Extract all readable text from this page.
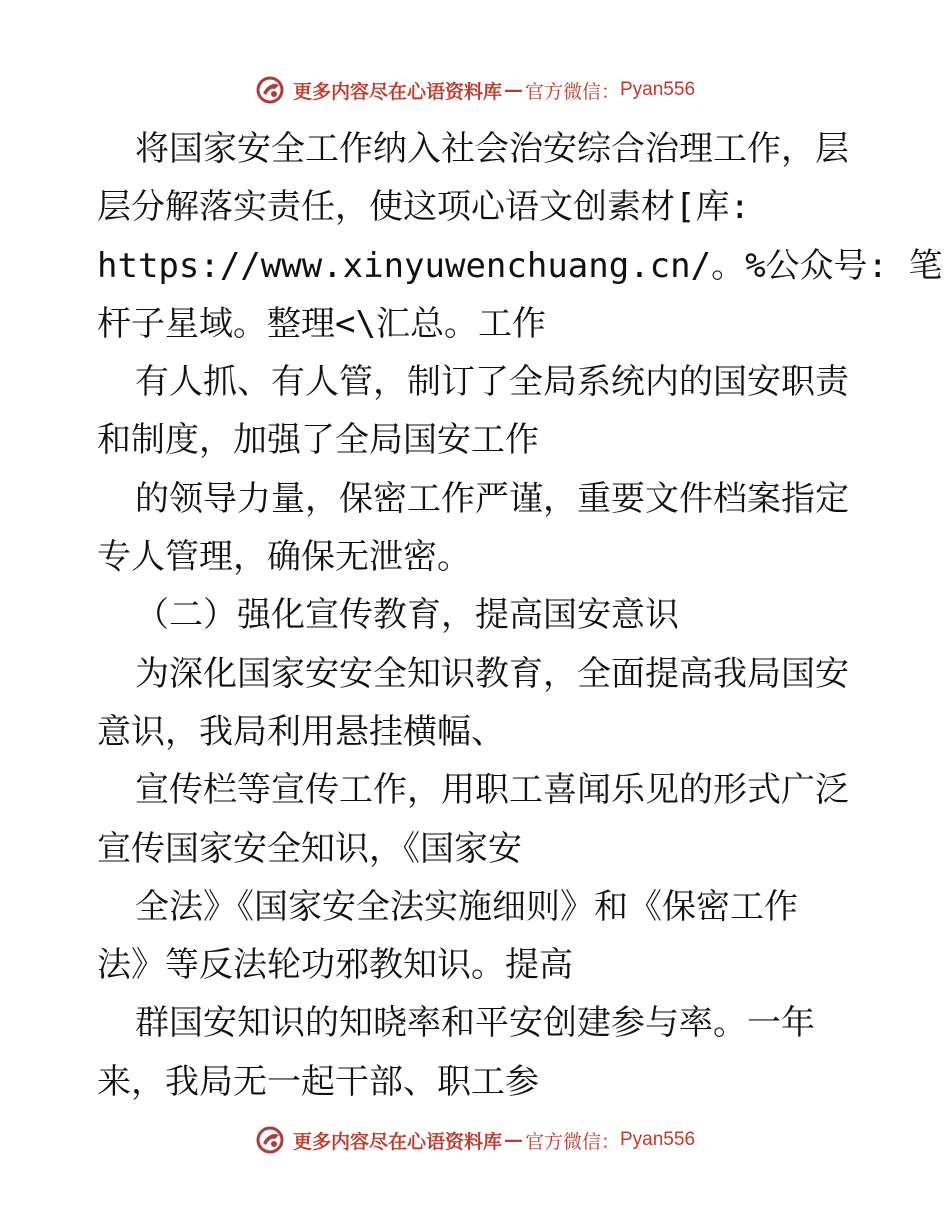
更多内容尽在心语资料库 — 官方微信： Pyan556
将国家安全工作纳入社会治安综合治理工作，层
层分解落实责任，使这项心语文创素材[库:
https://www.xinyuwenchuang.cn/。%公众号: 笔
杆子星域。整理<\汇总。工作
有人抓、有人管，制订了全局系统内的国安职责
和制度，加强了全局国安工作
的领导力量，保密工作严谨，重要文件档案指定
专人管理，确保无泄密。
（二）强化宣传教育，提高国安意识
为深化国家安安全知识教育，全面提高我局国安
意识，我局利用悬挂横幅、
宣传栏等宣传工作，用职工喜闻乐见的形式广泛
宣传国家安全知识，《国家安
全法》《国家安全法实施细则》和《保密工作
法》等反法轮功邪教知识。提高
群国安知识的知晓率和平安创建参与率。一年
来，我局无一起干部、职工参
更多内容尽在心语资料库 — 官方微信： Pyan556
